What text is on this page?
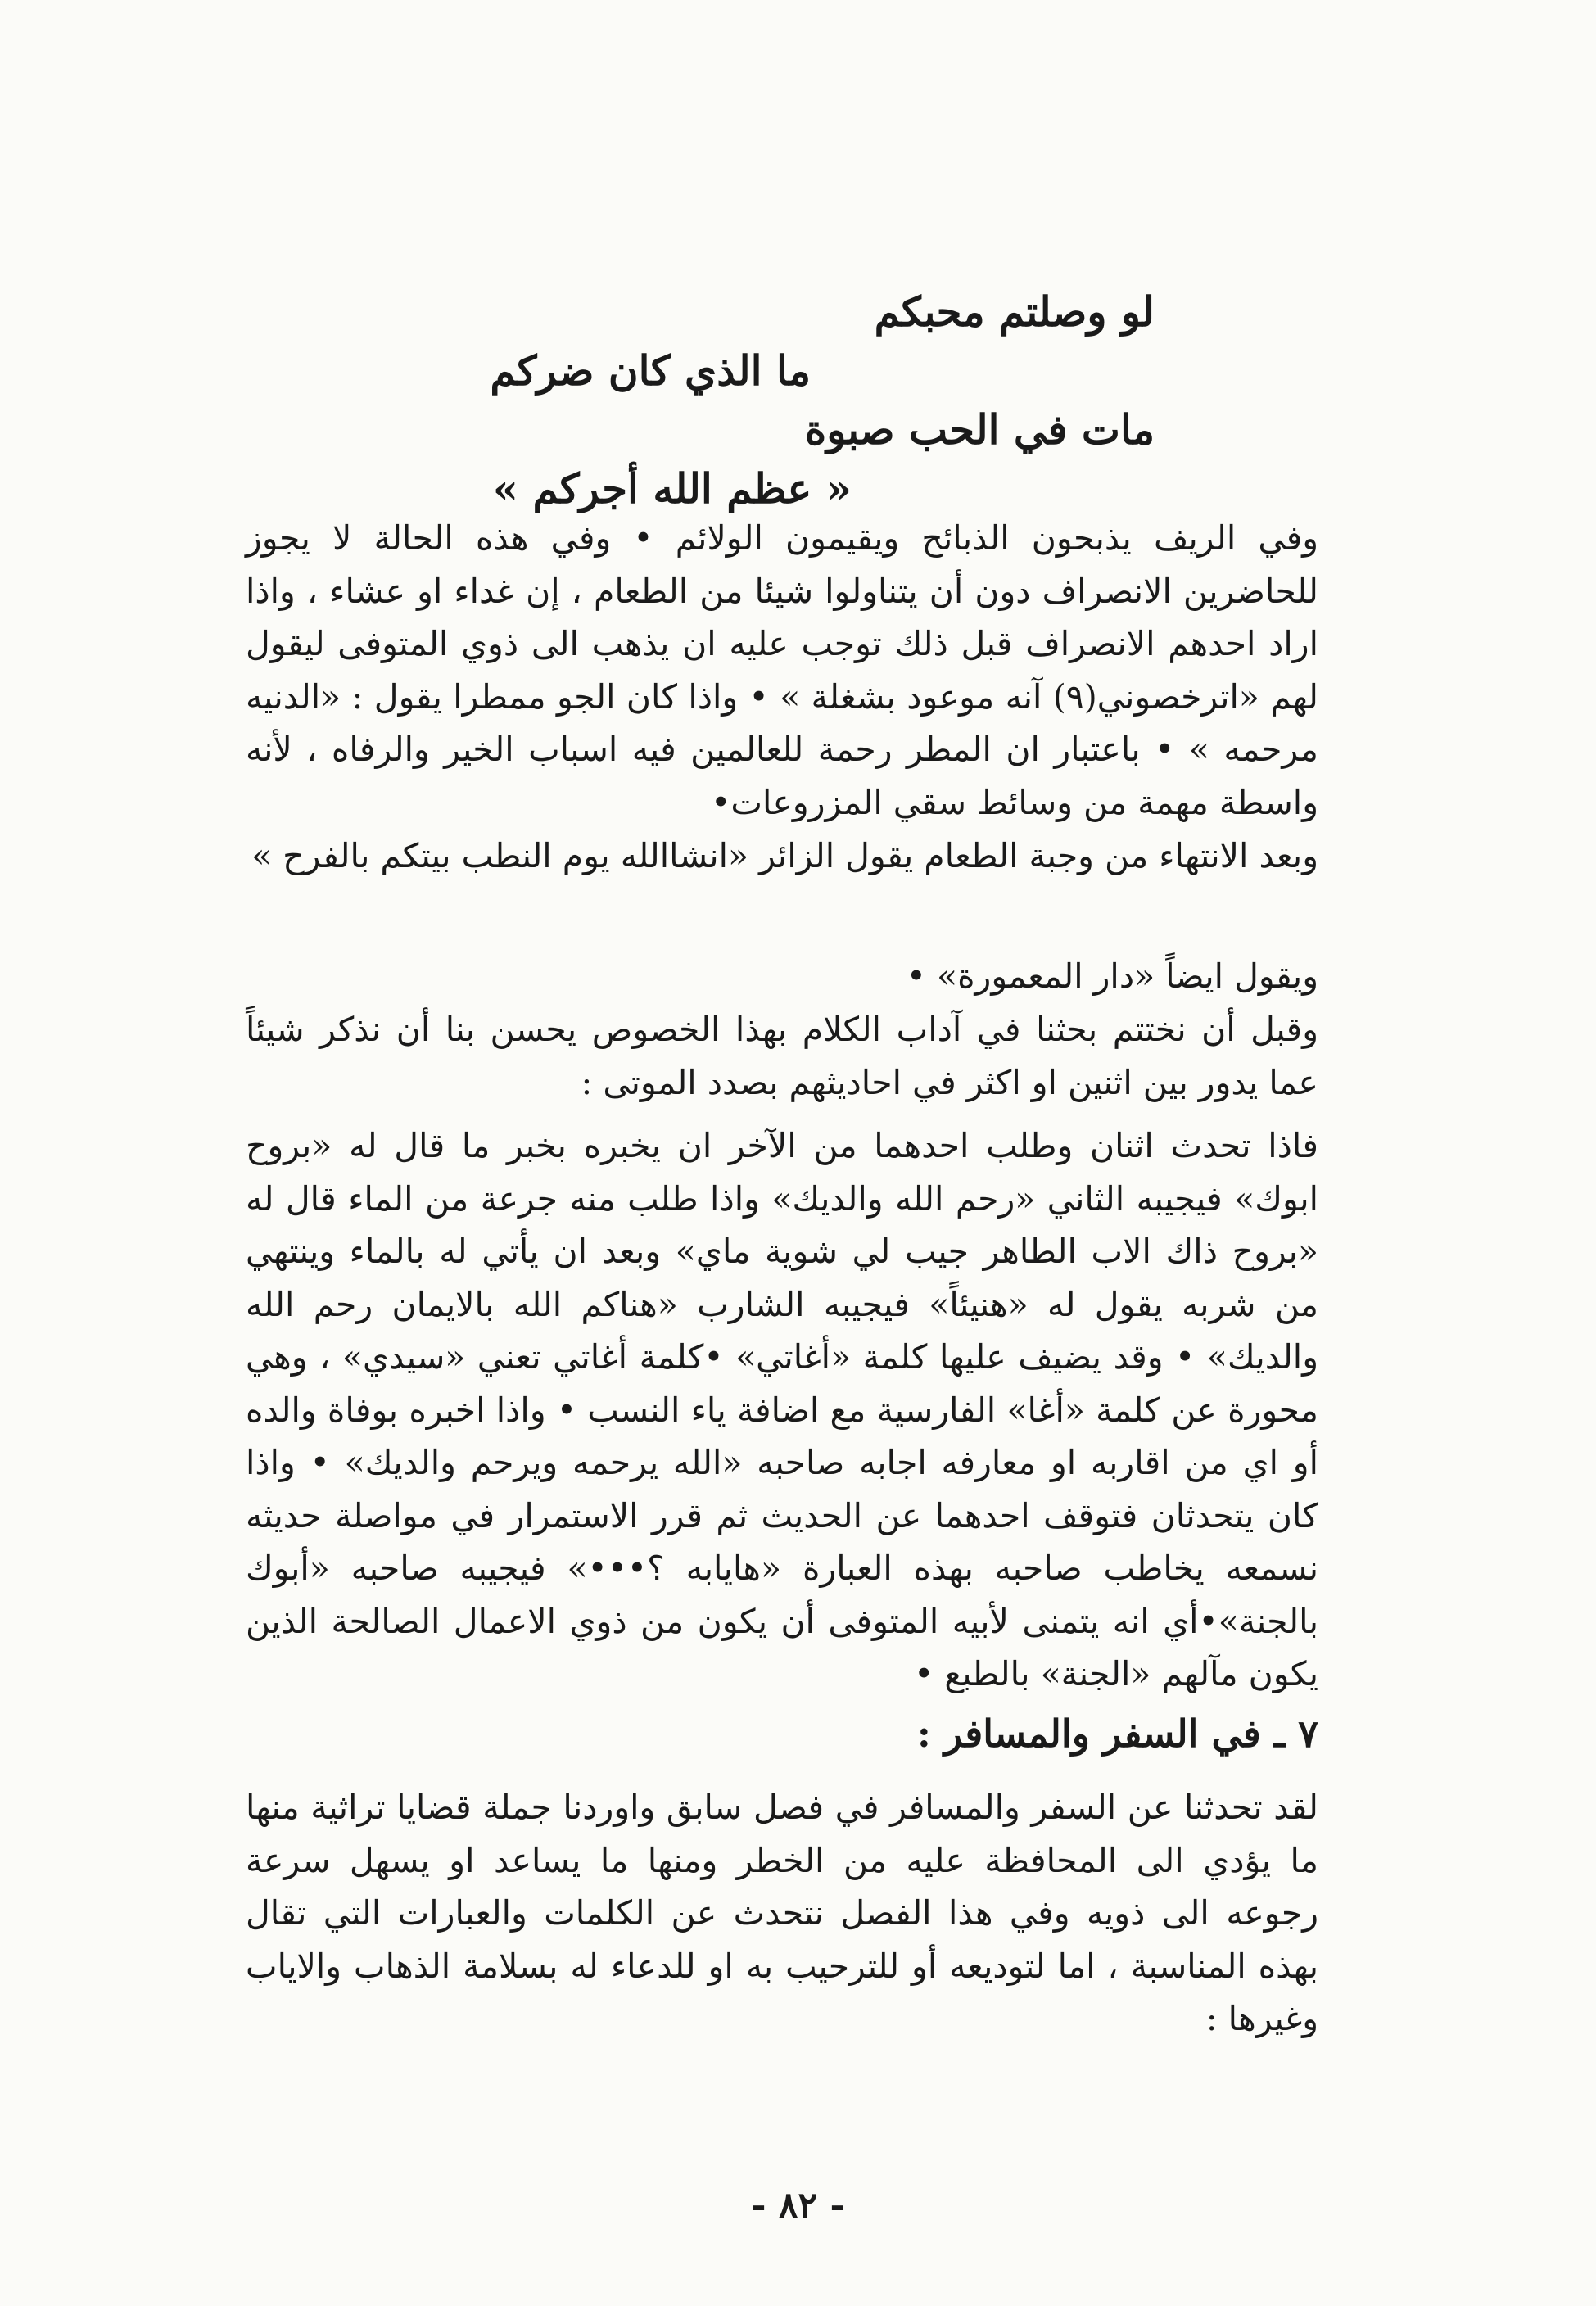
لو وصلتم محبكم
ما الذي كان ضركم
مات في الحب صبوة
« عظم الله أجركم »

وفي الريف يذبحون الذبائح ويقيمون الولائم • وفي هذه الحالة لا يجوز للحاضرين الانصراف دون أن يتناولوا شيئا من الطعام ، إن غداء او عشاء ، واذا اراد احدهم الانصراف قبل ذلك توجب عليه ان يذهب الى ذوي المتوفى ليقول لهم «اترخصوني(٩) آنه موعود بشغلة » • واذا كان الجو ممطرا يقول : «الدنيه مرحمه » • باعتبار ان المطر رحمة للعالمين فيه اسباب الخير والرفاه ، لأنه واسطة مهمة من وسائط سقي المزروعات•

وبعد الانتهاء من وجبة الطعام يقول الزائر «انشاالله يوم النطب بيتكم بالفرح »

ويقول ايضاً «دار المعمورة» •

وقبل أن نختتم بحثنا في آداب الكلام بهذا الخصوص يحسن بنا أن نذكر شيئاً عما يدور بين اثنين او اكثر في احاديثهم بصدد الموتى :

فاذا تحدث اثنان وطلب احدهما من الآخر ان يخبره بخبر ما قال له «بروح ابوك» فيجيبه الثاني «رحم الله والديك» واذا طلب منه جرعة من الماء قال له «بروح ذاك الاب الطاهر جيب لي شوية ماي» وبعد ان يأتي له بالماء وينتهي من شربه يقول له «هنيئاً» فيجيبه الشارب «هناكم الله بالايمان رحم الله والديك» • وقد يضيف عليها كلمة «أغاتي» •كلمة أغاتي تعني «سيدي» ، وهي محورة عن كلمة «أغا» الفارسية مع اضافة ياء النسب • واذا اخبره بوفاة والده أو اي من اقاربه او معارفه اجابه صاحبه «الله يرحمه ويرحم والديك» • واذا كان يتحدثان فتوقف احدهما عن الحديث ثم قرر الاستمرار في مواصلة حديثه نسمعه يخاطب صاحبه بهذه العبارة «هايابه ؟•••» فيجيبه صاحبه «أبوك بالجنة»•أي انه يتمنى لأبيه المتوفى أن يكون من ذوي الاعمال الصالحة الذين يكون مآلهم «الجنة» بالطبع •

٧ ـ في السفر والمسافر :

لقد تحدثنا عن السفر والمسافر في فصل سابق واوردنا جملة قضايا تراثية منها ما يؤدي الى المحافظة عليه من الخطر ومنها ما يساعد او يسهل سرعة رجوعه الى ذويه وفي هذا الفصل نتحدث عن الكلمات والعبارات التي تقال بهذه المناسبة ، اما لتوديعه أو للترحيب به او للدعاء له بسلامة الذهاب والاياب وغيرها :

- ٨٢ -
